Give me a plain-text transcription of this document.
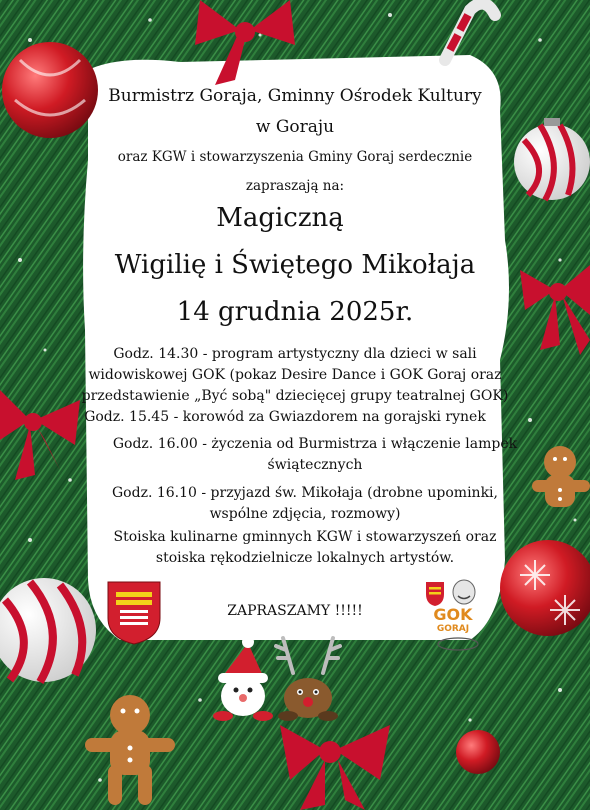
Burmistrz Goraja, Gminny Ośrodek Kultury
w Goraju
oraz KGW i stowarzyszenia Gminy Goraj serdecznie
zapraszają na:
Magiczną
Wigilię i Świętego Mikołaja
14 grudnia 2025r.
Godz. 14.30 - program artystyczny dla dzieci w sali
widowiskowej GOK (pokaz Desire Dance i GOK Goraj oraz
przedstawienie „Być sobą" dziecięcej grupy teatralnej GOK)
Godz. 15.45 - korowód za Gwiazdorem na gorajski rynek
Godz. 16.00 - życzenia od Burmistrza i włączenie lampek
świątecznych
Godz. 16.10 - przyjazd św. Mikołaja (drobne upominki,
wspólne zdjęcia, rozmowy)
Stoiska kulinarne gminnych KGW i stowarzyszeń oraz
stoiska rękodzielnicze lokalnych artystów.
ZAPRASZAMY !!!!!	GOK
GORAJ
